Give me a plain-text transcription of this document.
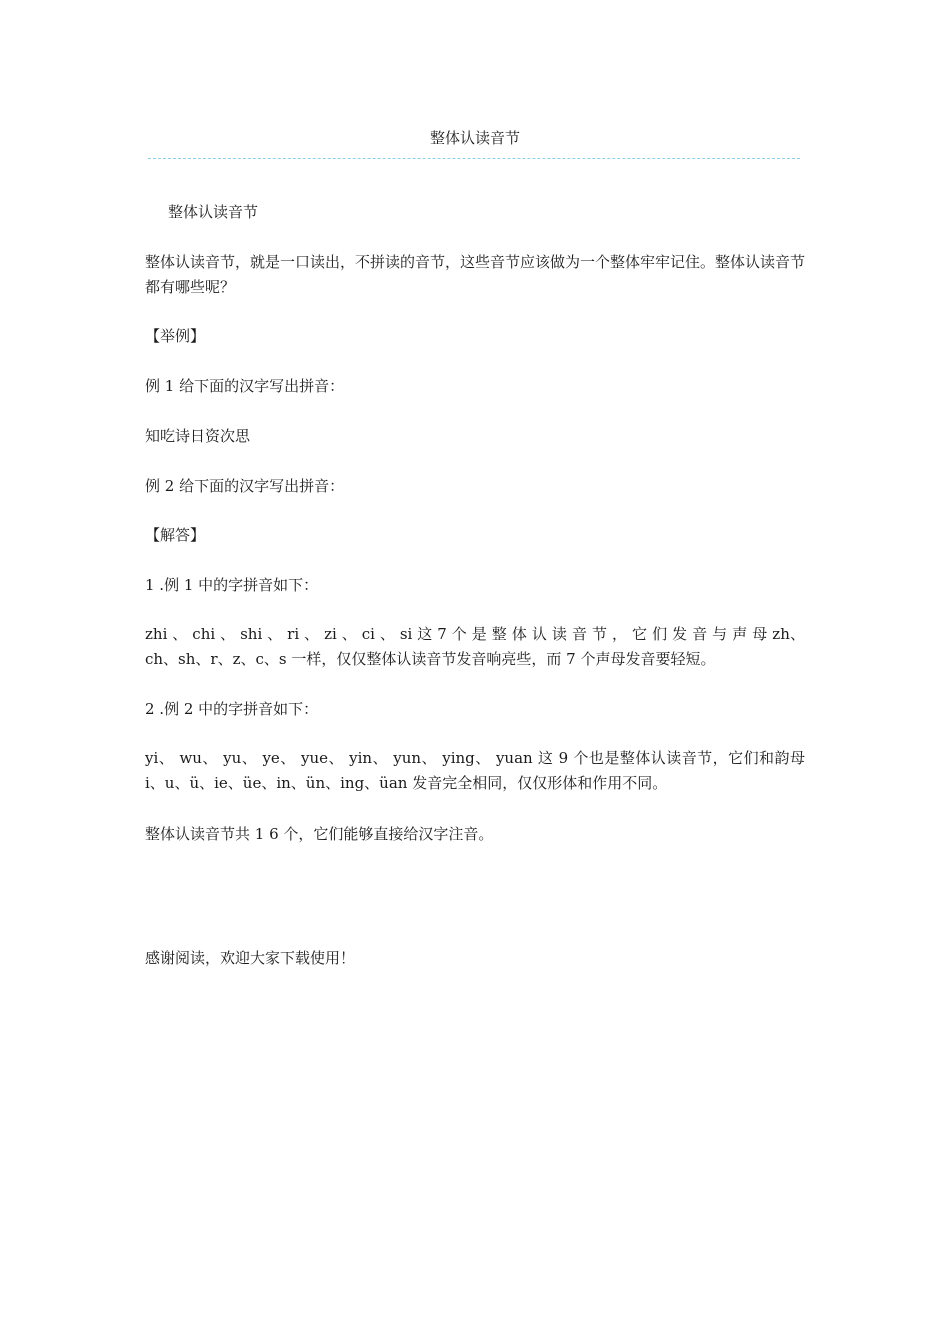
整体认读音节

整体认读音节

整体认读音节，就是一口读出，不拼读的音节，这些音节应该做为一个整体牢牢记住。整体认读音节都有哪些呢？

【举例】

例 1 给下面的汉字写出拼音：

知吃诗日资次思

例 2 给下面的汉字写出拼音：

【解答】

1 .例 1 中的字拼音如下：

zhi 、 chi 、 shi 、 ri 、 zi 、 ci 、 si 这 7 个 是 整 体 认 读 音 节 ， 它 们 发 音 与 声 母 zh、ch、sh、r、z、c、s 一样，仅仅整体认读音节发音响亮些，而 7 个声母发音要轻短。

2 .例 2 中的字拼音如下：

yi、 wu、 yu、 ye、 yue、 yin、 yun、 ying、 yuan 这 9 个也是整体认读音节，它们和韵母 i、u、ü、ie、üe、in、ün、ing、üan 发音完全相同，仅仅形体和作用不同。

整体认读音节共 1 6 个，它们能够直接给汉字注音。

感谢阅读，欢迎大家下载使用！
